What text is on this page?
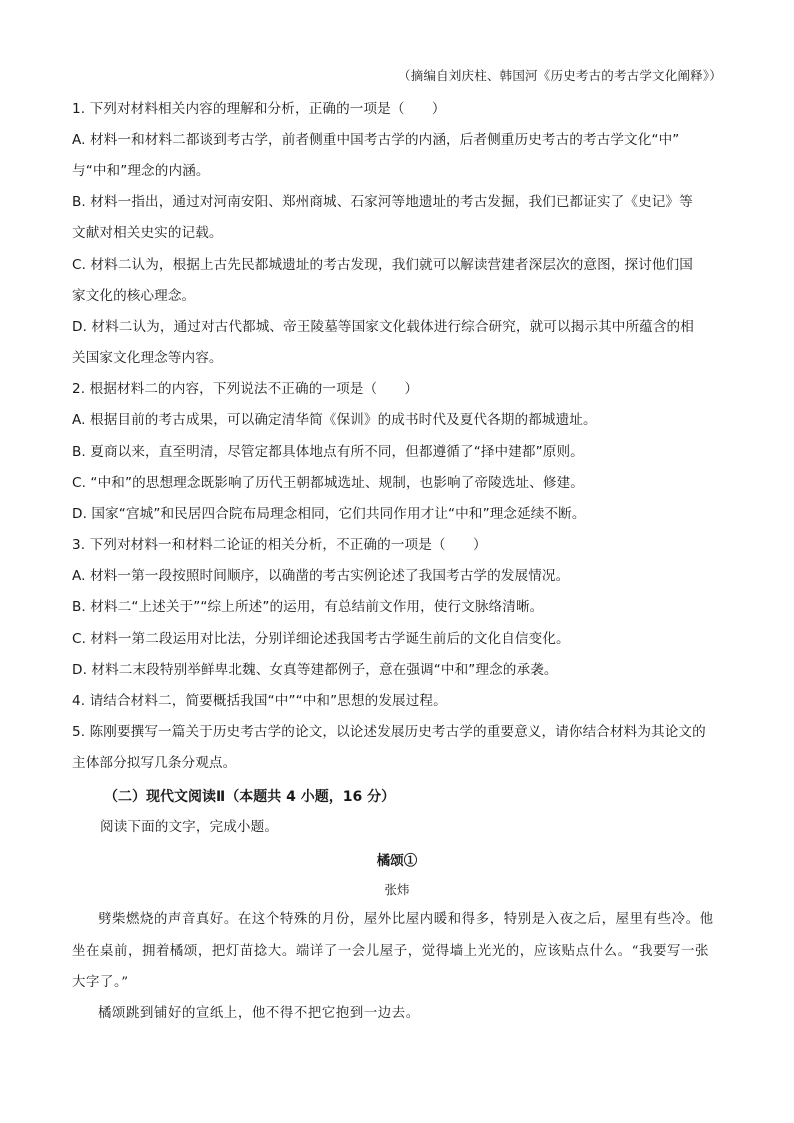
（摘编自刘庆柱、韩国河《历史考古的考古学文化阐释》）
1. 下列对材料相关内容的理解和分析，正确的一项是（　　）
A. 材料一和材料二都谈到考古学，前者侧重中国考古学的内涵，后者侧重历史考古的考古学文化“中”
与“中和”理念的内涵。
B. 材料一指出，通过对河南安阳、郑州商城、石家河等地遗址的考古发掘，我们已都证实了《史记》等
文献对相关史实的记载。
C. 材料二认为，根据上古先民都城遗址的考古发现，我们就可以解读营建者深层次的意图，探讨他们国
家文化的核心理念。
D. 材料二认为，通过对古代都城、帝王陵墓等国家文化载体进行综合研究，就可以揭示其中所蕴含的相
关国家文化理念等内容。
2. 根据材料二的内容，下列说法不正确的一项是（　　）
A. 根据目前的考古成果，可以确定清华简《保训》的成书时代及夏代各期的都城遗址。
B. 夏商以来，直至明清，尽管定都具体地点有所不同，但都遵循了“择中建都”原则。
C. “中和”的思想理念既影响了历代王朝都城选址、规制，也影响了帝陵选址、修建。
D. 国家“宫城”和民居四合院布局理念相同，它们共同作用才让“中和”理念延续不断。
3. 下列对材料一和材料二论证的相关分析，不正确的一项是（　　）
A. 材料一第一段按照时间顺序，以确凿的考古实例论述了我国考古学的发展情况。
B. 材料二“上述关于”“综上所述”的运用，有总结前文作用，使行文脉络清晰。
C. 材料一第二段运用对比法，分别详细论述我国考古学诞生前后的文化自信变化。
D. 材料二末段特别举鲜卑北魏、女真等建都例子，意在强调“中和”理念的承袭。
4. 请结合材料二，简要概括我国“中”“中和”思想的发展过程。
5. 陈刚要撰写一篇关于历史考古学的论文，以论述发展历史考古学的重要意义，请你结合材料为其论文的
主体部分拟写几条分观点。
（二）现代文阅读Ⅱ（本题共 4 小题，16 分）
阅读下面的文字，完成小题。
橘颂①
张炜
劈柴燃烧的声音真好。在这个特殊的月份，屋外比屋内暖和得多，特别是入夜之后，屋里有些冷。他
坐在桌前，拥着橘颂，把灯苗捻大。端详了一会儿屋子，觉得墙上光光的，应该贴点什么。“我要写一张
大字了。”
橘颂跳到铺好的宣纸上，他不得不把它抱到一边去。
